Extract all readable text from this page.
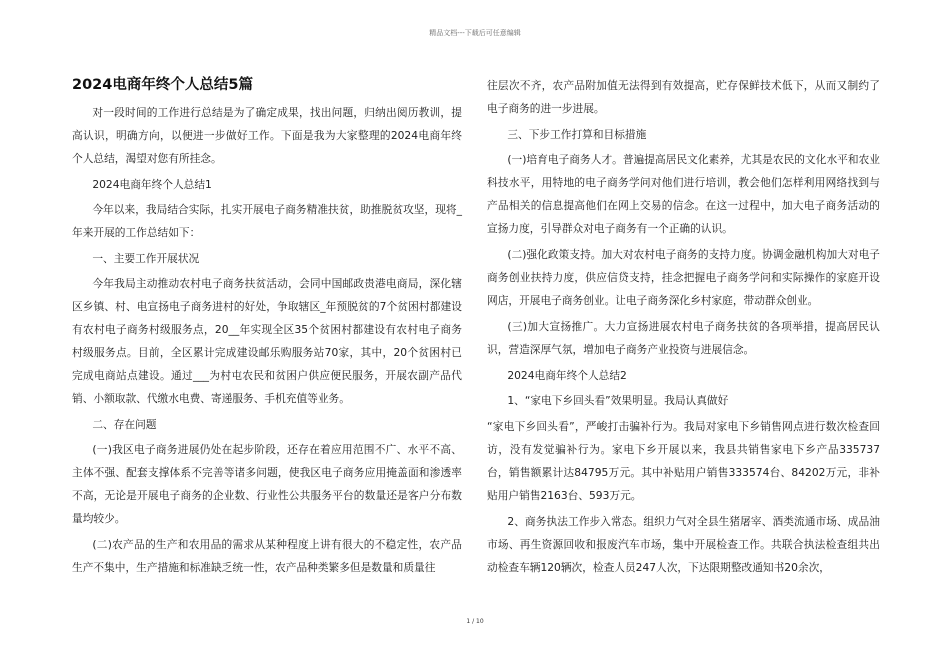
精品文档---下载后可任意编辑
2024电商年终个人总结5篇

对一段时间的工作进行总结是为了确定成果，找出问题，归纳出阅历教训，提高认识，明确方向，以便进一步做好工作。下面是我为大家整理的2024电商年终个人总结，渴望对您有所挂念。

2024电商年终个人总结1

今年以来，我局结合实际，扎实开展电子商务精准扶贫，助推脱贫攻坚，现将_年来开展的工作总结如下：

一、主要工作开展状况

今年我局主动推动农村电子商务扶贫活动，会同中国邮政贵港电商局，深化辖区乡镇、村、电宣扬电子商务进村的好处，争取辖区_年预脱贫的7个贫困村都建设有农村电子商务村级服务点，20__年实现全区35个贫困村都建设有农村电子商务村级服务点。目前，全区累计完成建设邮乐购服务站70家，其中，20个贫困村已完成电商站点建设。通过___为村屯农民和贫困户供应便民服务，开展农副产品代销、小额取款、代缴水电费、寄递服务、手机充值等业务。

二、存在问题

(一)我区电子商务进展仍处在起步阶段，还存在着应用范围不广、水平不高、主体不强、配套支撑体系不完善等诸多问题，使我区电子商务应用掩盖面和渗透率不高，无论是开展电子商务的企业数、行业性公共服务平台的数量还是客户分布数量均较少。

(二)农产品的生产和农用品的需求从某种程度上讲有很大的不稳定性，农产品生产不集中，生产措施和标准缺乏统一性，农产品种类繁多但是数量和质量往

往层次不齐，农产品附加值无法得到有效提高，贮存保鲜技术低下，从而又制约了电子商务的进一步进展。

三、下步工作打算和目标措施

(一)培育电子商务人才。普遍提高居民文化素养，尤其是农民的文化水平和农业科技水平，用特地的电子商务学问对他们进行培训，教会他们怎样利用网络找到与产品相关的信息提高他们在网上交易的信念。在这一过程中，加大电子商务活动的宣扬力度，引导群众对电子商务有一个正确的认识。

(二)强化政策支持。加大对农村电子商务的支持力度。协调金融机构加大对电子商务创业扶持力度，供应信贷支持，挂念把握电子商务学问和实际操作的家庭开设网店，开展电子商务创业。让电子商务深化乡村家庭，带动群众创业。

(三)加大宣扬推广。大力宣扬进展农村电子商务扶贫的各项举措，提高居民认识，营造深厚气氛，增加电子商务产业投资与进展信念。

2024电商年终个人总结2

1、“家电下乡回头看”效果明显。我局认真做好

“家电下乡回头看”，严峻打击骗补行为。我局对家电下乡销售网点进行数次检查回访，没有发觉骗补行为。家电下乡开展以来，我县共销售家电下乡产品335737台，销售额累计达84795万元。其中补贴用户销售333574台、84202万元，非补贴用户销售2163台、593万元。

2、商务执法工作步入常态。组织力气对全县生猪屠宰、酒类流通市场、成品油市场、再生资源回收和报废汽车市场，集中开展检查工作。共联合执法检查组共出动检查车辆120辆次，检查人员247人次，下达限期整改通知书20余次，

1 / 10
